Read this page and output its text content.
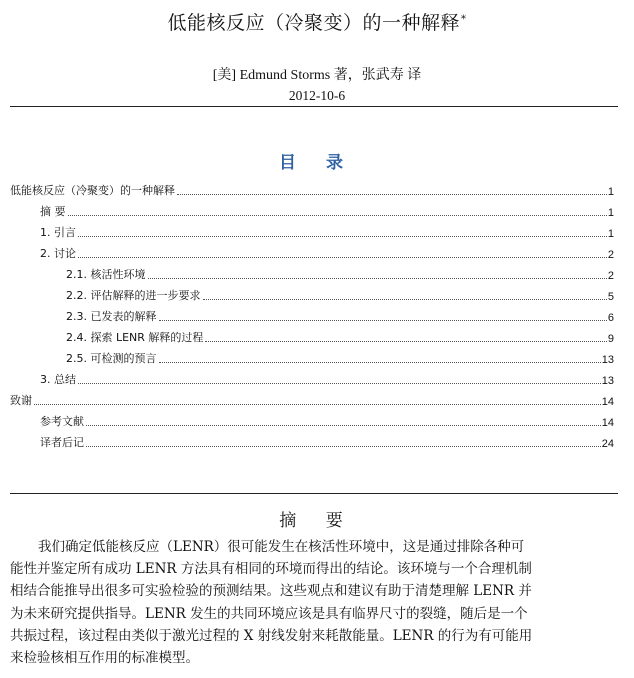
低能核反应（冷聚变）的一种解释*
[美] Edmund Storms 著，张武寿 译
2012-10-6
目 录
低能核反应（冷聚变）的一种解释	1
摘 要	1
1. 引言	1
2. 讨论	2
2.1. 核活性环境	2
2.2. 评估解释的进一步要求	5
2.3. 已发表的解释	6
2.4. 探索 LENR 解释的过程	9
2.5. 可检测的预言	13
3. 总结	13
致谢	14
参考文献	14
译者后记	24
摘 要
我们确定低能核反应（LENR）很可能发生在核活性环境中，这是通过排除各种可
能性并鉴定所有成功 LENR 方法具有相同的环境而得出的结论。该环境与一个合理机制
相结合能推导出很多可实验检验的预测结果。这些观点和建议有助于清楚理解 LENR 并
为未来研究提供指导。LENR 发生的共同环境应该是具有临界尺寸的裂缝，随后是一个
共振过程，该过程由类似于激光过程的 X 射线发射来耗散能量。LENR 的行为有可能用
来检验核相互作用的标准模型。
